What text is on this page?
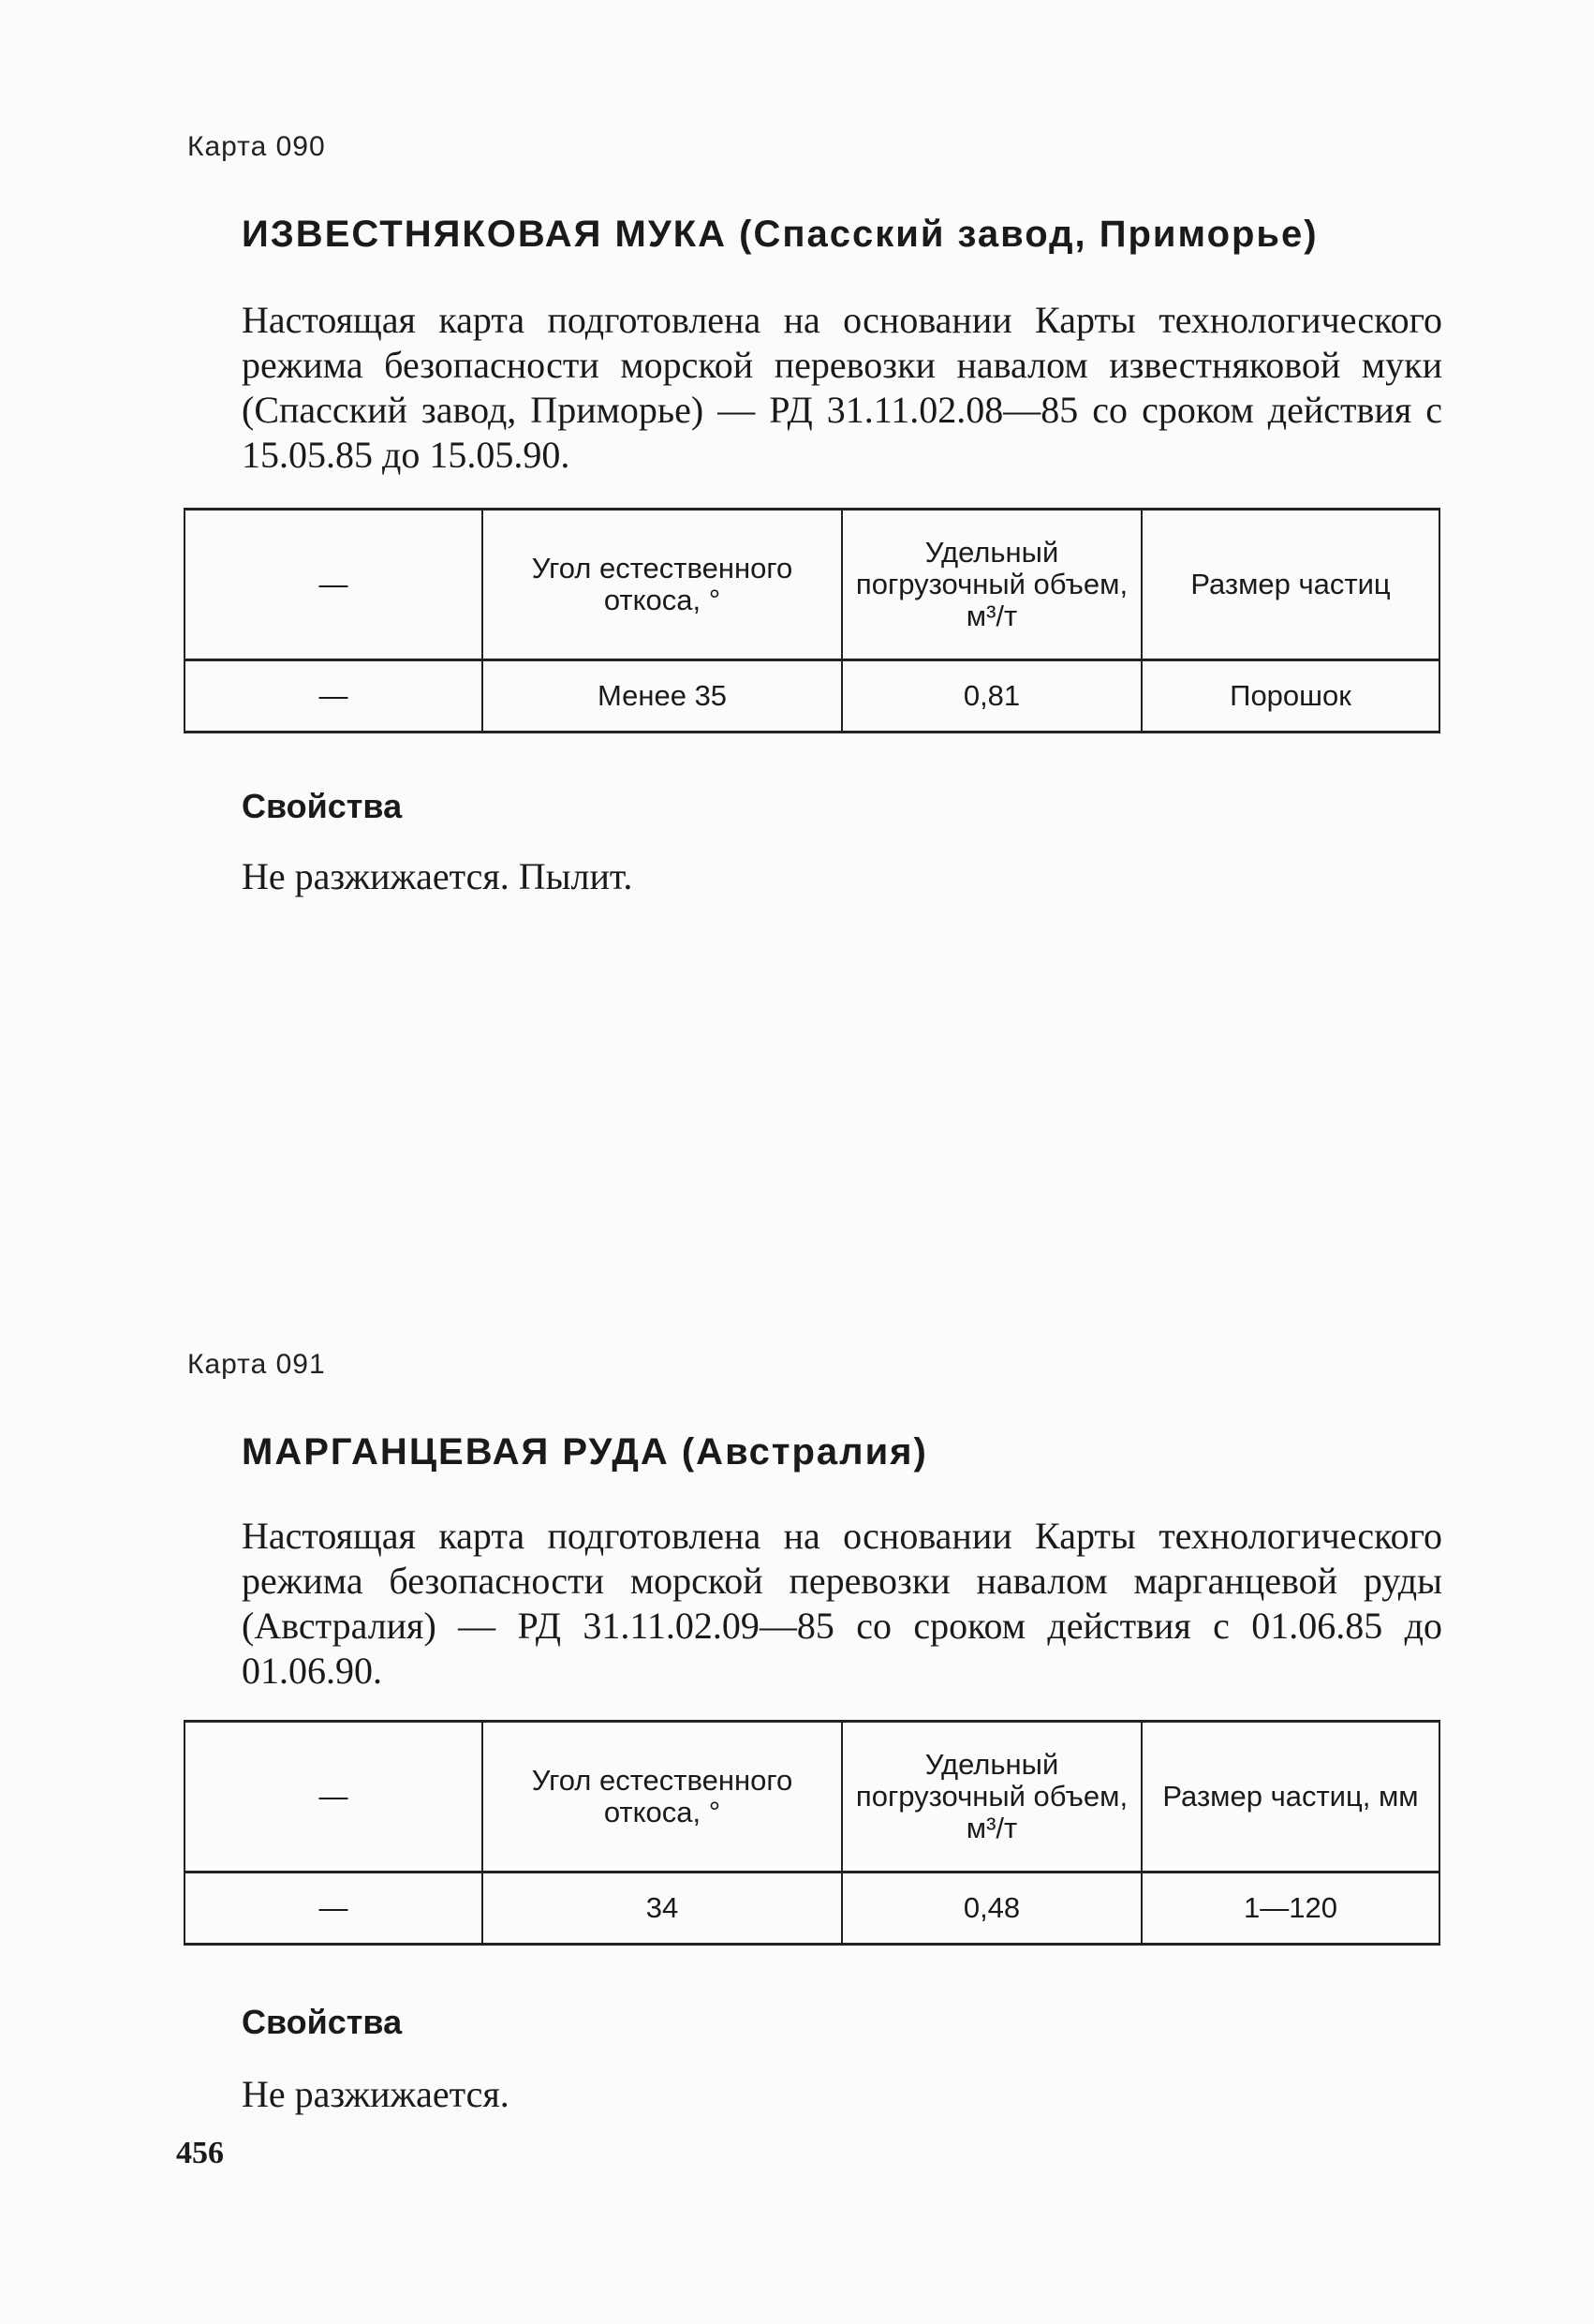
Карта 090
ИЗВЕСТНЯКОВАЯ МУКА (Спасский завод, Приморье)

Настоящая карта подготовлена на основании Карты технологического режима безопасности морской перевозки навалом известняковой муки (Спасский завод, Приморье) — РД 31.11.02.08—85 со сроком действия с 15.05.85 до 15.05.90.

—	Угол естественного откоса, °	Удельный погрузочный объем, м³/т	Размер частиц
—	Менее 35	0,81	Порошок
Свойства
Не разжижается. Пылит.
Карта 091
МАРГАНЦЕВАЯ РУДА (Австралия)

Настоящая карта подготовлена на основании Карты технологического режима безопасности морской перевозки навалом марганцевой руды (Австралия) — РД 31.11.02.09—85 со сроком действия с 01.06.85 до 01.06.90.

—	Угол естественного откоса, °	Удельный погрузочный объем, м³/т	Размер частиц, мм
—	34	0,48	1—120
Свойства
Не разжижается.
456
